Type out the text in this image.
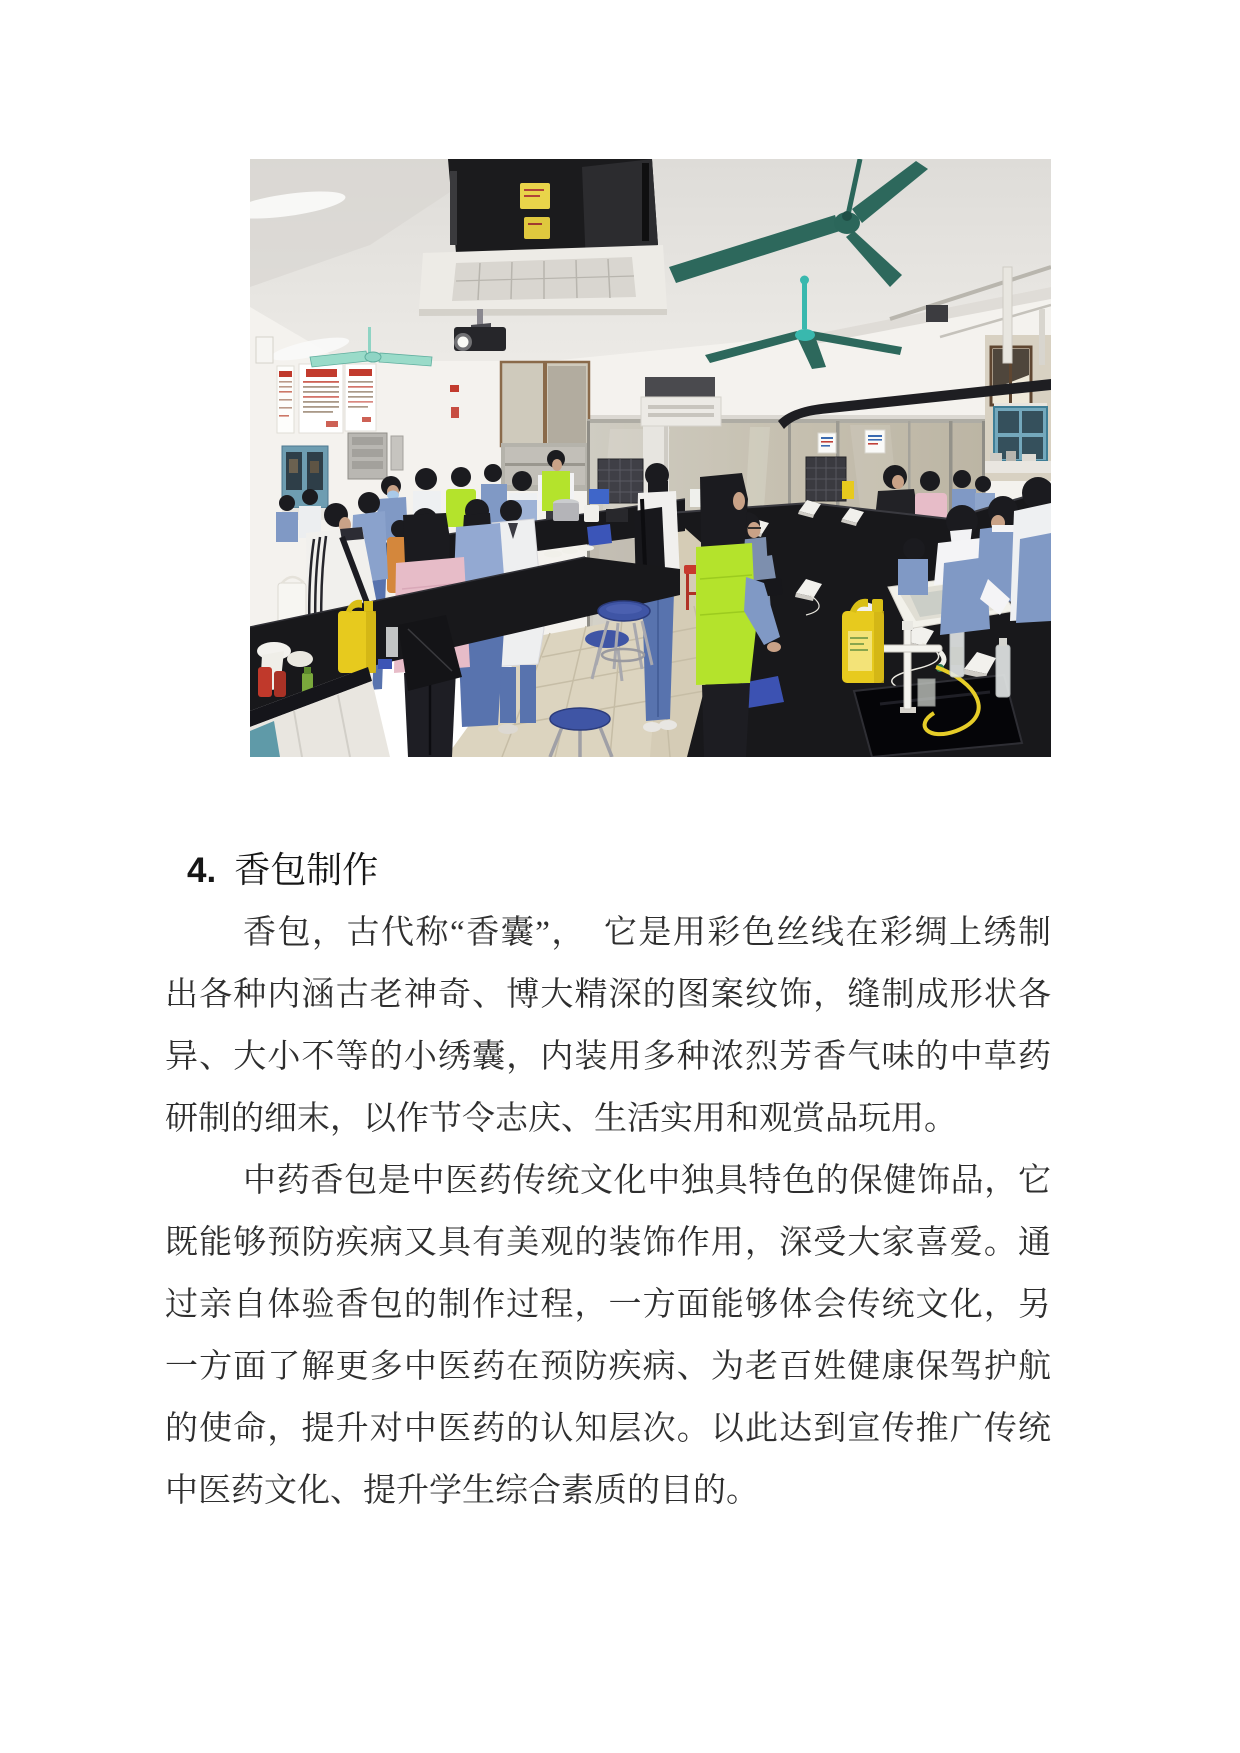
4. 香包制作

香包，古代称“香囊”，　它是用彩色丝线在彩绸上绣制

出各种内涵古老神奇、博大精深的图案纹饰，缝制成形状各

异、大小不等的小绣囊，内装用多种浓烈芳香气味的中草药

研制的细末，以作节令志庆、生活实用和观赏品玩用。

中药香包是中医药传统文化中独具特色的保健饰品，它

既能够预防疾病又具有美观的装饰作用，深受大家喜爱。通

过亲自体验香包的制作过程，一方面能够体会传统文化，另

一方面了解更多中医药在预防疾病、为老百姓健康保驾护航

的使命，提升对中医药的认知层次。以此达到宣传推广传统

中医药文化、提升学生综合素质的目的。
